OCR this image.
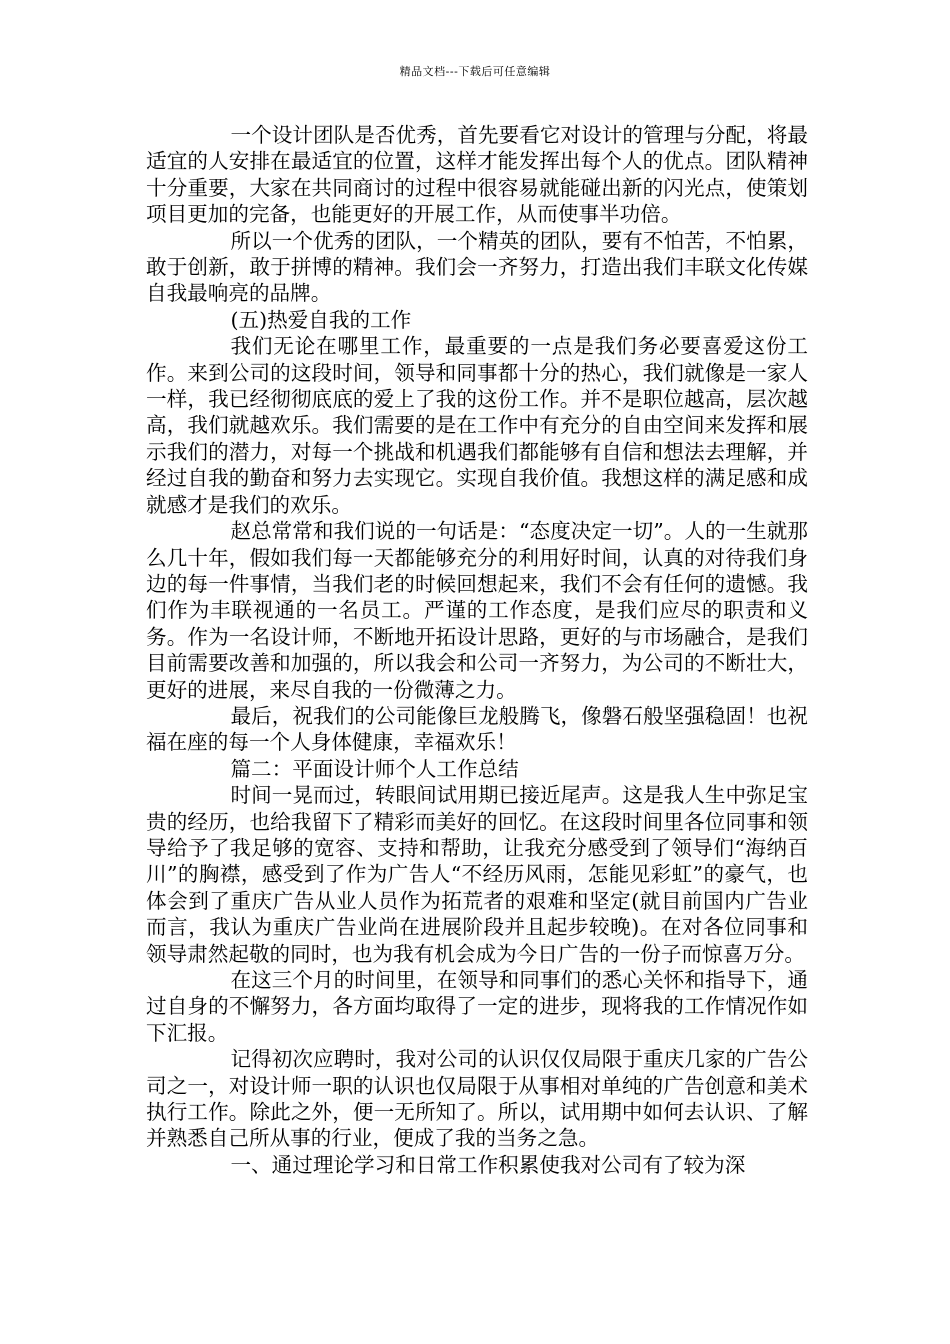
精品文档---下载后可任意编辑

一个设计团队是否优秀，首先要看它对设计的管理与分配，将最适宜的人安排在最适宜的位置，这样才能发挥出每个人的优点。团队精神十分重要，大家在共同商讨的过程中很容易就能碰出新的闪光点，使策划项目更加的完备，也能更好的开展工作，从而使事半功倍。

所以一个优秀的团队，一个精英的团队，要有不怕苦，不怕累，敢于创新，敢于拼博的精神。我们会一齐努力，打造出我们丰联文化传媒自我最响亮的品牌。

(五)热爱自我的工作

我们无论在哪里工作，最重要的一点是我们务必要喜爱这份工作。来到公司的这段时间，领导和同事都十分的热心，我们就像是一家人一样，我已经彻彻底底的爱上了我的这份工作。并不是职位越高，层次越高，我们就越欢乐。我们需要的是在工作中有充分的自由空间来发挥和展示我们的潜力，对每一个挑战和机遇我们都能够有自信和想法去理解，并经过自我的勤奋和努力去实现它。实现自我价值。我想这样的满足感和成就感才是我们的欢乐。

赵总常常和我们说的一句话是：“态度决定一切”。人的一生就那么几十年，假如我们每一天都能够充分的利用好时间，认真的对待我们身边的每一件事情，当我们老的时候回想起来，我们不会有任何的遗憾。我们作为丰联视通的一名员工。严谨的工作态度，是我们应尽的职责和义务。作为一名设计师，不断地开拓设计思路，更好的与市场融合，是我们目前需要改善和加强的，所以我会和公司一齐努力，为公司的不断壮大，更好的进展，来尽自我的一份微薄之力。

最后，祝我们的公司能像巨龙般腾飞，像磐石般坚强稳固！也祝福在座的每一个人身体健康，幸福欢乐！

篇二：平面设计师个人工作总结

时间一晃而过，转眼间试用期已接近尾声。这是我人生中弥足宝贵的经历，也给我留下了精彩而美好的回忆。在这段时间里各位同事和领导给予了我足够的宽容、支持和帮助，让我充分感受到了领导们“海纳百川”的胸襟，感受到了作为广告人“不经历风雨，怎能见彩虹”的豪气，也体会到了重庆广告从业人员作为拓荒者的艰难和坚定(就目前国内广告业而言，我认为重庆广告业尚在进展阶段并且起步较晚)。在对各位同事和领导肃然起敬的同时，也为我有机会成为今日广告的一份子而惊喜万分。

在这三个月的时间里，在领导和同事们的悉心关怀和指导下，通过自身的不懈努力，各方面均取得了一定的进步，现将我的工作情况作如下汇报。

记得初次应聘时，我对公司的认识仅仅局限于重庆几家的广告公司之一，对设计师一职的认识也仅局限于从事相对单纯的广告创意和美术执行工作。除此之外，便一无所知了。所以，试用期中如何去认识、了解并熟悉自己所从事的行业，便成了我的当务之急。

一、通过理论学习和日常工作积累使我对公司有了较为深
